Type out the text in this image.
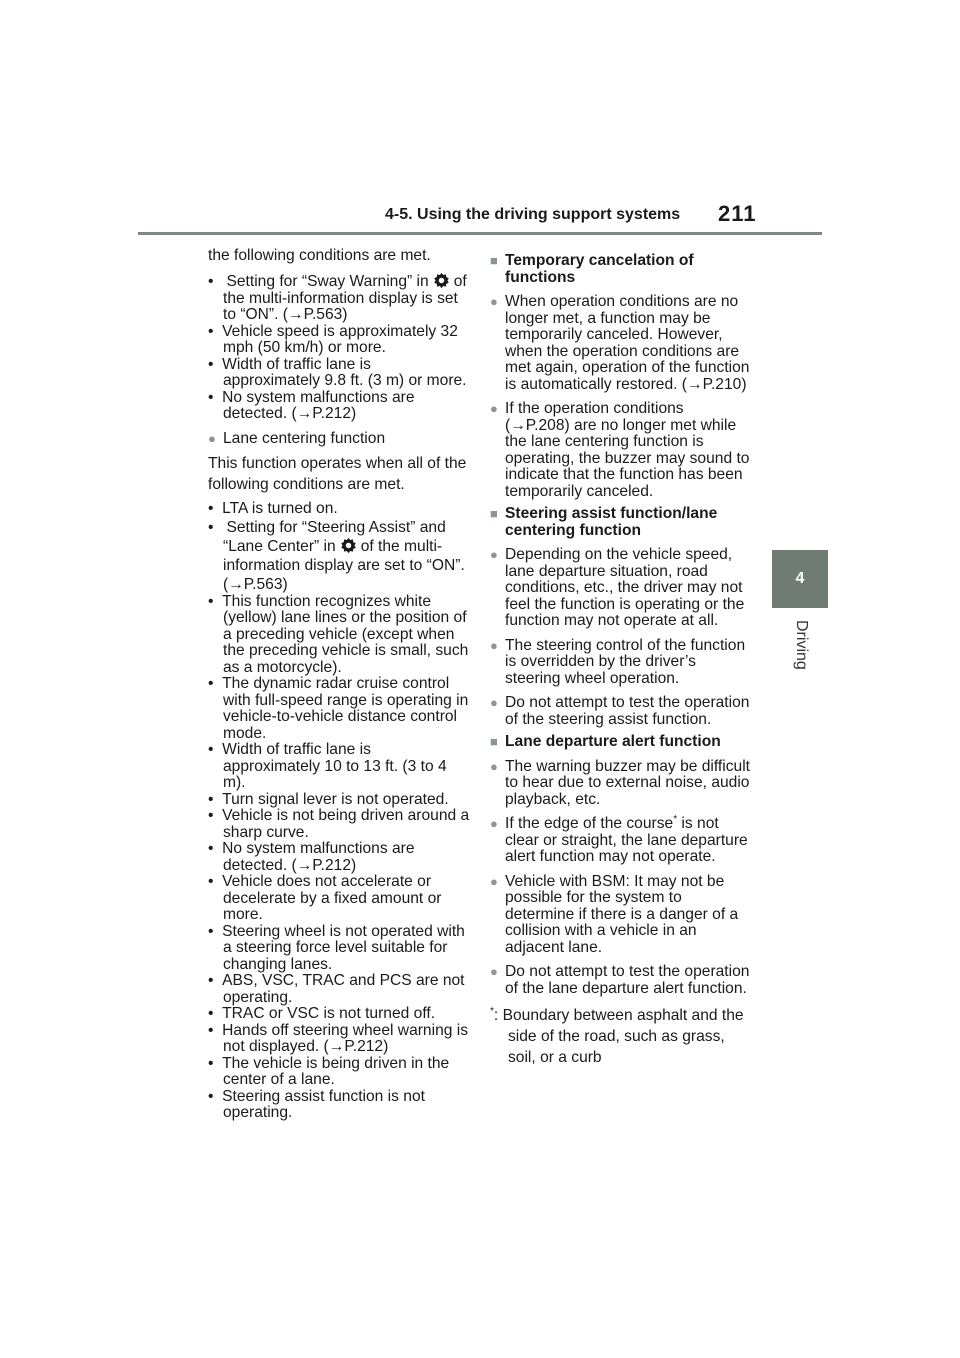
4-5. Using the driving support systems 211
4
Driving

the following conditions are met.

•  Setting for “Sway Warning” in of the multi-information display is set to “ON”. (→P.563)

•  Vehicle speed is approximately 32 mph (50 km/h) or more.

•  Width of traffic lane is approximately 9.8 ft. (3 m) or more.

•  No system malfunctions are detected. (→P.212)

● Lane centering function

This function operates when all of the following conditions are met.

•  LTA is turned on.

•  Setting for “Steering Assist” and “Lane Center” in of the multi-information display are set to “ON”. (→P.563)

•  This function recognizes white (yellow) lane lines or the position of a preceding vehicle (except when the preceding vehicle is small, such as a motorcycle).

•  The dynamic radar cruise control with full-speed range is operating in vehicle-to-vehicle distance control mode.

•  Width of traffic lane is approximately 10 to 13 ft. (3 to 4 m).

•  Turn signal lever is not operated.

•  Vehicle is not being driven around a sharp curve.

•  No system malfunctions are detected. (→P.212)

•  Vehicle does not accelerate or decelerate by a fixed amount or more.

•  Steering wheel is not operated with a steering force level suitable for changing lanes.

•  ABS, VSC, TRAC and PCS are not operating.

•  TRAC or VSC is not turned off.

•  Hands off steering wheel warning is not displayed. (→P.212)

•  The vehicle is being driven in the center of a lane.

•  Steering assist function is not operating.

■ Temporary cancelation of functions

● When operation conditions are no longer met, a function may be temporarily canceled. However, when the operation conditions are met again, operation of the function is automatically restored. (→P.210)

● If the operation conditions (→P.208) are no longer met while the lane centering function is operating, the buzzer may sound to indicate that the function has been temporarily canceled.

■ Steering assist function/lane centering function

● Depending on the vehicle speed, lane departure situation, road conditions, etc., the driver may not feel the function is operating or the function may not operate at all.

● The steering control of the function is overridden by the driver’s steering wheel operation.

● Do not attempt to test the operation of the steering assist function.

■ Lane departure alert function

● The warning buzzer may be difficult to hear due to external noise, audio playback, etc.

● If the edge of the course* is not clear or straight, the lane departure alert function may not operate.

● Vehicle with BSM: It may not be possible for the system to determine if there is a danger of a collision with a vehicle in an adjacent lane.

● Do not attempt to test the operation of the lane departure alert function.

*: Boundary between asphalt and the side of the road, such as grass, soil, or a curb
